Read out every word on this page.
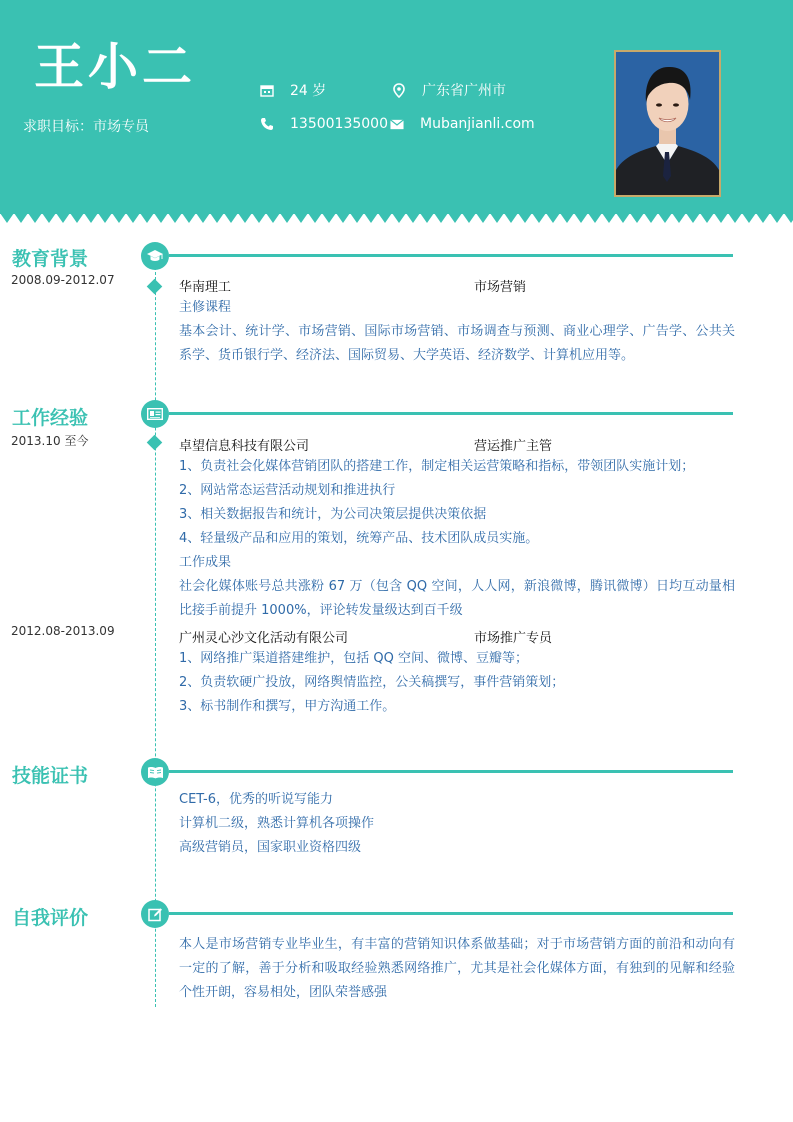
王小二
求职目标：市场专员
24 岁	广东省广州市
13500135000 Mubanjianli.com
教育背景
2008.09-2012.07	华南理工	市场营销
主修课程
基本会计、统计学、市场营销、国际市场营销、市场调查与预测、商业心理学、广告学、公共关系学、货币银行学、经济法、国际贸易、大学英语、经济数学、计算机应用等。
工作经验
2013.10 至今	卓望信息科技有限公司	营运推广主管
1、负责社会化媒体营销团队的搭建工作，制定相关运营策略和指标，带领团队实施计划；
2、网站常态运营活动规划和推进执行
3、相关数据报告和统计，为公司决策层提供决策依据
4、轻量级产品和应用的策划，统筹产品、技术团队成员实施。
工作成果
社会化媒体账号总共涨粉 67 万（包含 QQ 空间，人人网，新浪微博，腾讯微博）日均互动量相比接手前提升 1000%，评论转发量级达到百千级
2012.08-2013.09	广州灵心沙文化活动有限公司	市场推广专员
1、网络推广渠道搭建维护，包括 QQ 空间、微博、豆瓣等；
2、负责软硬广投放，网络舆情监控，公关稿撰写，事件营销策划；
3、标书制作和撰写，甲方沟通工作。
技能证书
CET-6，优秀的听说写能力
计算机二级，熟悉计算机各项操作
高级营销员，国家职业资格四级
自我评价
本人是市场营销专业毕业生，有丰富的营销知识体系做基础；对于市场营销方面的前沿和动向有一定的了解，善于分析和吸取经验熟悉网络推广，尤其是社会化媒体方面，有独到的见解和经验个性开朗，容易相处，团队荣誉感强
